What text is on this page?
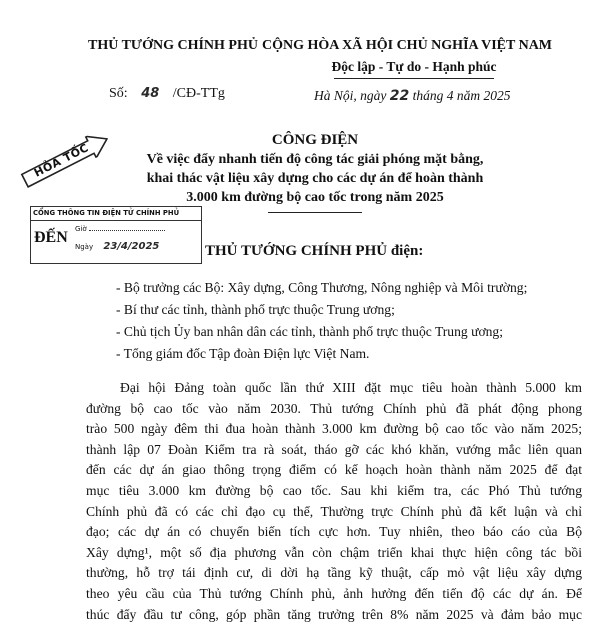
THỦ TƯỚNG CHÍNH PHỦ CỘNG HÒA XÃ HỘI CHỦ NGHĨA VIỆT NAM
Độc lập - Tự do - Hạnh phúc
Số: 48 /CĐ-TTg	Hà Nội, ngày 22 tháng 4 năm 2025
HỎA TỐC
CÔNG ĐIỆN
Về việc đẩy nhanh tiến độ công tác giải phóng mặt bằng,
khai thác vật liệu xây dựng cho các dự án để hoàn thành
3.000 km đường bộ cao tốc trong năm 2025
CỔNG THÔNG TIN ĐIỆN TỬ CHÍNH PHỦ
ĐẾN Giờ
Ngày 23/4/2025	THỦ TƯỚNG CHÍNH PHỦ điện:
- Bộ trưởng các Bộ: Xây dựng, Công Thương, Nông nghiệp và Môi trường;
- Bí thư các tỉnh, thành phố trực thuộc Trung ương;
- Chủ tịch Ủy ban nhân dân các tỉnh, thành phố trực thuộc Trung ương;
- Tổng giám đốc Tập đoàn Điện lực Việt Nam.
Đại hội Đảng toàn quốc lần thứ XIII đặt mục tiêu hoàn thành 5.000 km
đường bộ cao tốc vào năm 2030. Thủ tướng Chính phủ đã phát động phong
trào 500 ngày đêm thi đua hoàn thành 3.000 km đường bộ cao tốc vào năm 2025;
thành lập 07 Đoàn Kiểm tra rà soát, tháo gỡ các khó khăn, vướng mắc liên quan
đến các dự án giao thông trọng điểm có kế hoạch hoàn thành năm 2025 để đạt
mục tiêu 3.000 km đường bộ cao tốc. Sau khi kiểm tra, các Phó Thủ tướng
Chính phủ đã có các chỉ đạo cụ thể, Thường trực Chính phủ đã kết luận và chỉ
đạo; các dự án có chuyển biến tích cực hơn. Tuy nhiên, theo báo cáo của Bộ
Xây dựng¹, một số địa phương vẫn còn chậm triển khai thực hiện công tác bồi
thường, hỗ trợ tái định cư, di dời hạ tầng kỹ thuật, cấp mỏ vật liệu xây dựng
theo yêu cầu của Thủ tướng Chính phủ, ảnh hưởng đến tiến độ các dự án. Để
thúc đẩy đầu tư công, góp phần tăng trưởng trên 8% năm 2025 và đảm bảo mục
